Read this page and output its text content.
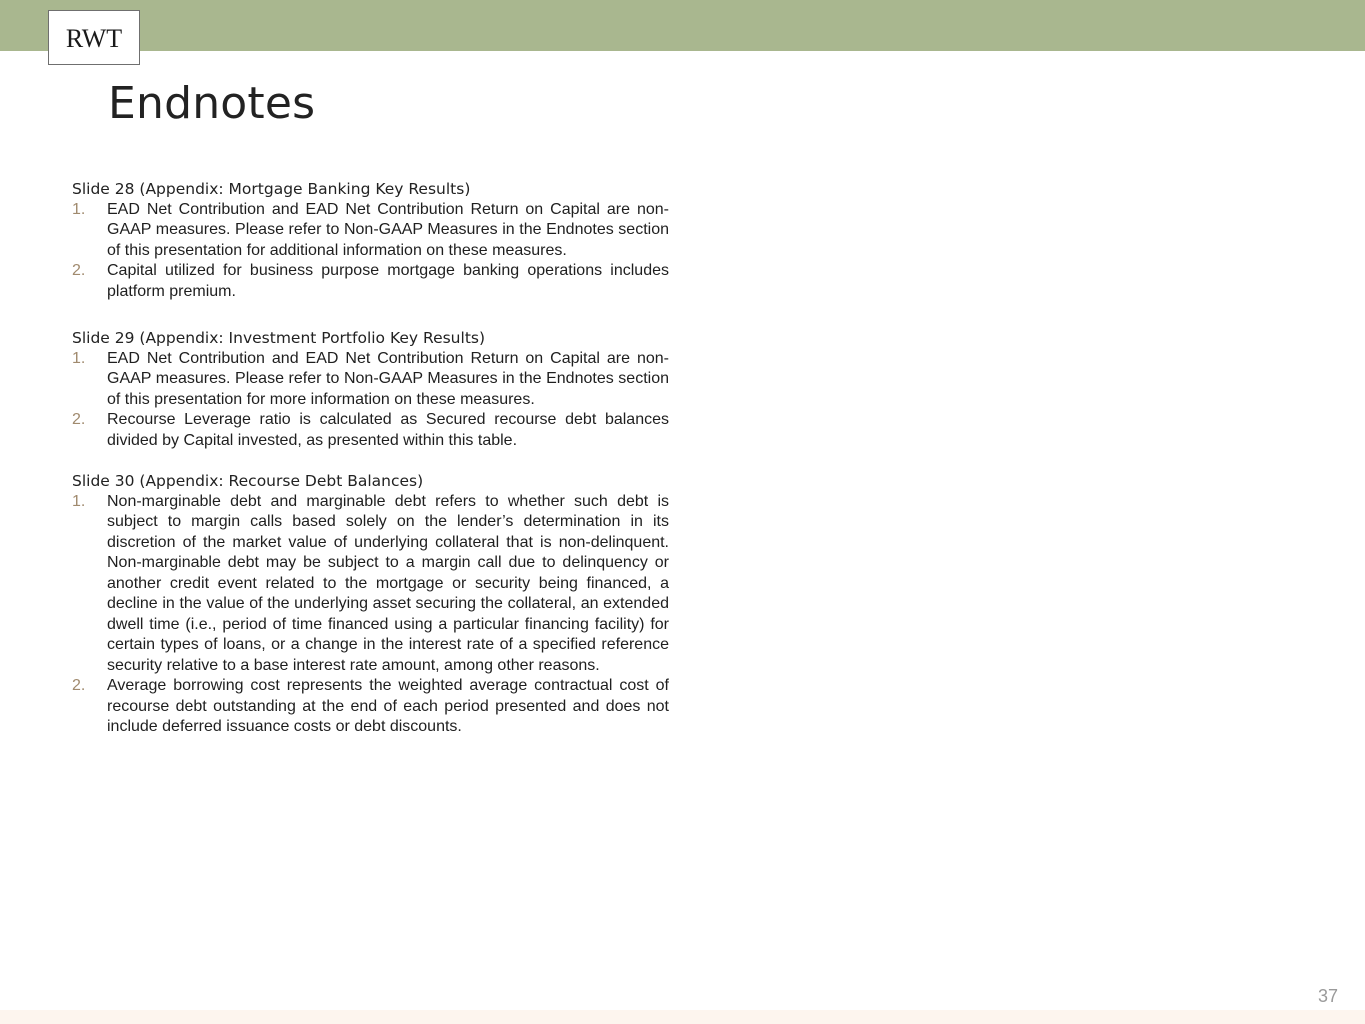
RWT
Endnotes

Slide 28 (Appendix: Mortgage Banking Key Results)

1.	EAD Net Contribution and EAD Net Contribution Return on Capital are non-GAAP measures. Please refer to Non-GAAP Measures in the Endnotes section of this presentation for additional information on these measures.
2.	Capital utilized for business purpose mortgage banking operations includes platform premium.

Slide 29 (Appendix: Investment Portfolio Key Results)

1.	EAD Net Contribution and EAD Net Contribution Return on Capital are non-GAAP measures. Please refer to Non-GAAP Measures in the Endnotes section of this presentation for more information on these measures.
2.	Recourse Leverage ratio is calculated as Secured recourse debt balances divided by Capital invested, as presented within this table.

Slide 30 (Appendix: Recourse Debt Balances)

1.	Non-marginable debt and marginable debt refers to whether such debt is subject to margin calls based solely on the lender’s determination in its discretion of the market value of underlying collateral that is non-delinquent. Non-marginable debt may be subject to a margin call due to delinquency or another credit event related to the mortgage or security being financed, a decline in the value of the underlying asset securing the collateral, an extended dwell time (i.e., period of time financed using a particular financing facility) for certain types of loans, or a change in the interest rate of a specified reference security relative to a base interest rate amount, among other reasons.
2.	Average borrowing cost represents the weighted average contractual cost of recourse debt outstanding at the end of each period presented and does not include deferred issuance costs or debt discounts.
37
